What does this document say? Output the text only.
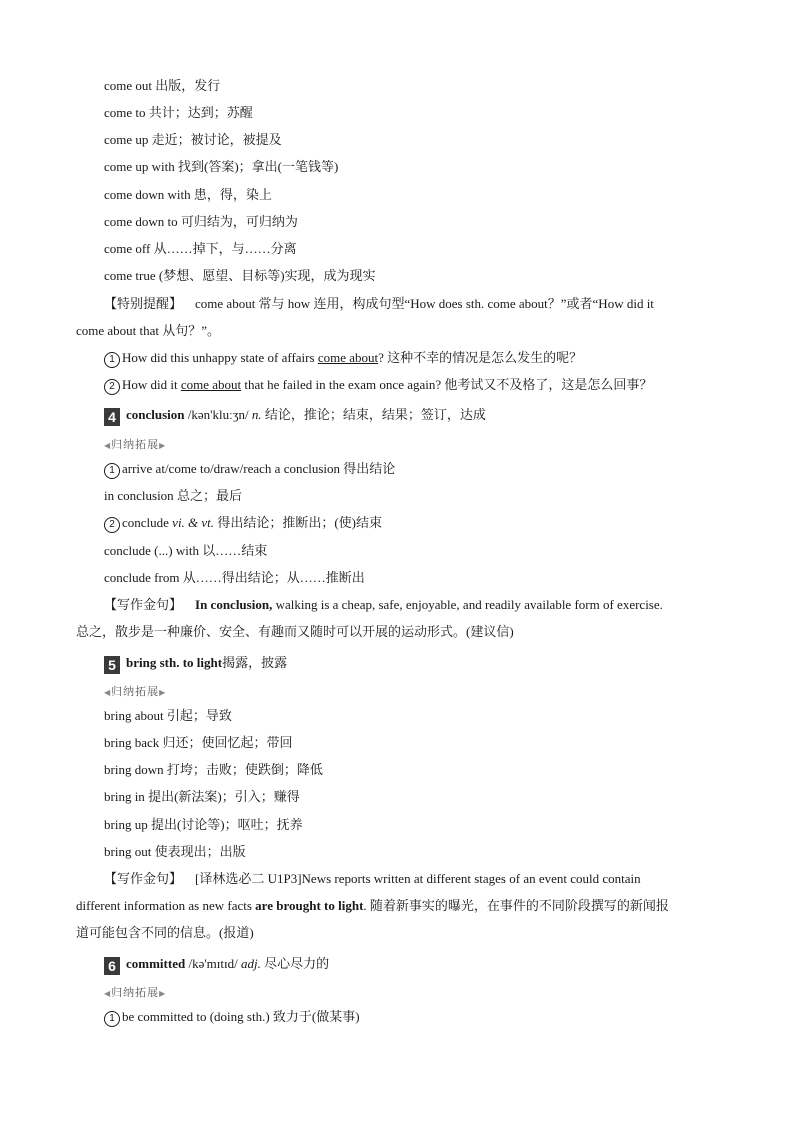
come out 出版，发行
come to 共计；达到；苏醒
come up 走近；被讨论，被提及
come up with 找到(答案)；拿出(一笔钱等)
come down with 患，得，染上
come down to 可归结为，可归纳为
come off 从……掉下，与……分离
come true (梦想、愿望、目标等)实现，成为现实
【特别提醒】 come about 常与 how 连用，构成句型“How does sth. come about？”或者“How did it
come about that 从句？”。
1 How did this unhappy state of affairs come about? 这种不幸的情况是怎么发生的呢？
2 How did it come about that he failed in the exam once again? 他考试又不及格了，这是怎么回事？
4 conclusion /kən'kluːʒn/ n. 结论，推论；结束，结果；签订，达成
◀归纳拓展▶
1 arrive at/come to/draw/reach a conclusion 得出结论
in conclusion 总之；最后
2 conclude vi. & vt. 得出结论；推断出；(使)结束
conclude (...) with 以……结束
conclude from 从……得出结论；从……推断出
【写作金句】 In conclusion, walking is a cheap, safe, enjoyable, and readily available form of exercise.
总之，散步是一种廉价、安全、有趣而又随时可以开展的运动形式。(建议信)
5 bring sth. to light揭露，披露
◀归纳拓展▶
bring about 引起；导致
bring back 归还；使回忆起；带回
bring down 打垮；击败；使跌倒；降低
bring in 提出(新法案)；引入；赚得
bring up 提出(讨论等)；呕吐；抚养
bring out 使表现出；出版
【写作金句】 [译林选必二 U1P3]News reports written at different stages of an event could contain
different information as new facts are brought to light. 随着新事实的曝光，在事件的不同阶段撰写的新闻报
道可能包含不同的信息。(报道)
6 committed /kə'mɪtɪd/ adj. 尽心尽力的
◀归纳拓展▶
1 be committed to (doing sth.) 致力于(做某事)
